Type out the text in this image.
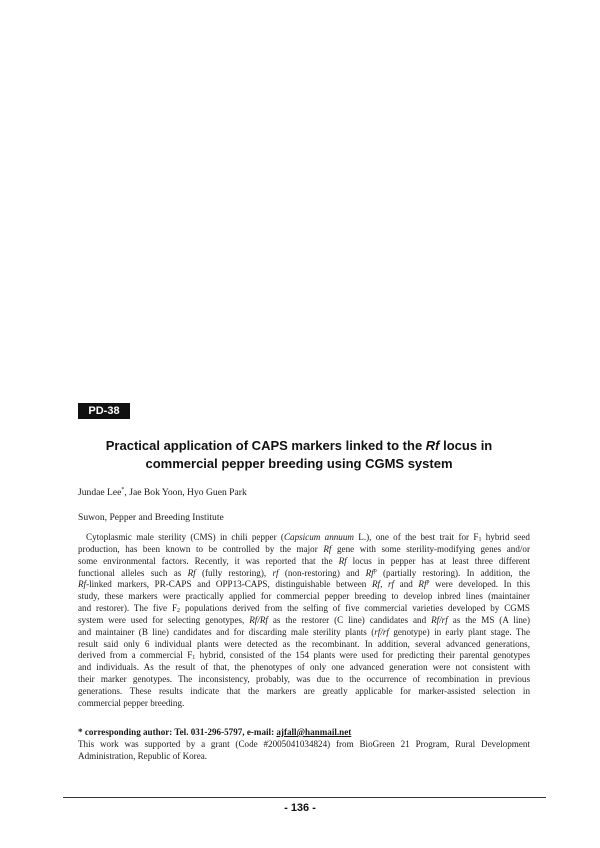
PD-38
Practical application of CAPS markers linked to the Rf locus in
commercial pepper breeding using CGMS system
Jundae Lee*, Jae Bok Yoon, Hyo Guen Park
Suwon, Pepper and Breeding Institute
Cytoplasmic male sterility (CMS) in chili pepper (Capsicum annuum L.), one of the best trait for $F_1$ hybrid seed
production, has been known to be controlled by the major Rf gene with some sterility-modifying genes and/or
some environmental factors. Recently, it was reported that the Rf locus in pepper has at least three different
functional alleles such as Rf (fully restoring), rf (non-restoring) and Rf$^p$ (partially restoring). In addition, the
Rf-linked markers, PR-CAPS and OPP13-CAPS, distinguishable between Rf, rf and Rf$^p$ were developed. In this
study, these markers were practically applied for commercial pepper breeding to develop inbred lines (maintainer
and restorer). The five $F_2$ populations derived from the selfing of five commercial varieties developed by CGMS
system were used for selecting genotypes, Rf/Rf as the restorer (C line) candidates and Rf/rf as the MS (A line)
and maintainer (B line) candidates and for discarding male sterility plants (rf/rf genotype) in early plant stage. The
result said only 6 individual plants were detected as the recombinant. In addition, several advanced generations,
derived from a commercial $F_1$ hybrid, consisted of the 154 plants were used for predicting their parental genotypes
and individuals. As the result of that, the phenotypes of only one advanced generation were not consistent with
their marker genotypes. The inconsistency, probably, was due to the occurrence of recombination in previous
generations. These results indicate that the markers are greatly applicable for marker-assisted selection in
commercial pepper breeding.
* corresponding author: Tel. 031-296-5797, e-mail: ajfall@hanmail.net
This work was supported by a grant (Code #2005041034824) from BioGreen 21 Program, Rural Development
Administration, Republic of Korea.
- 136 -
